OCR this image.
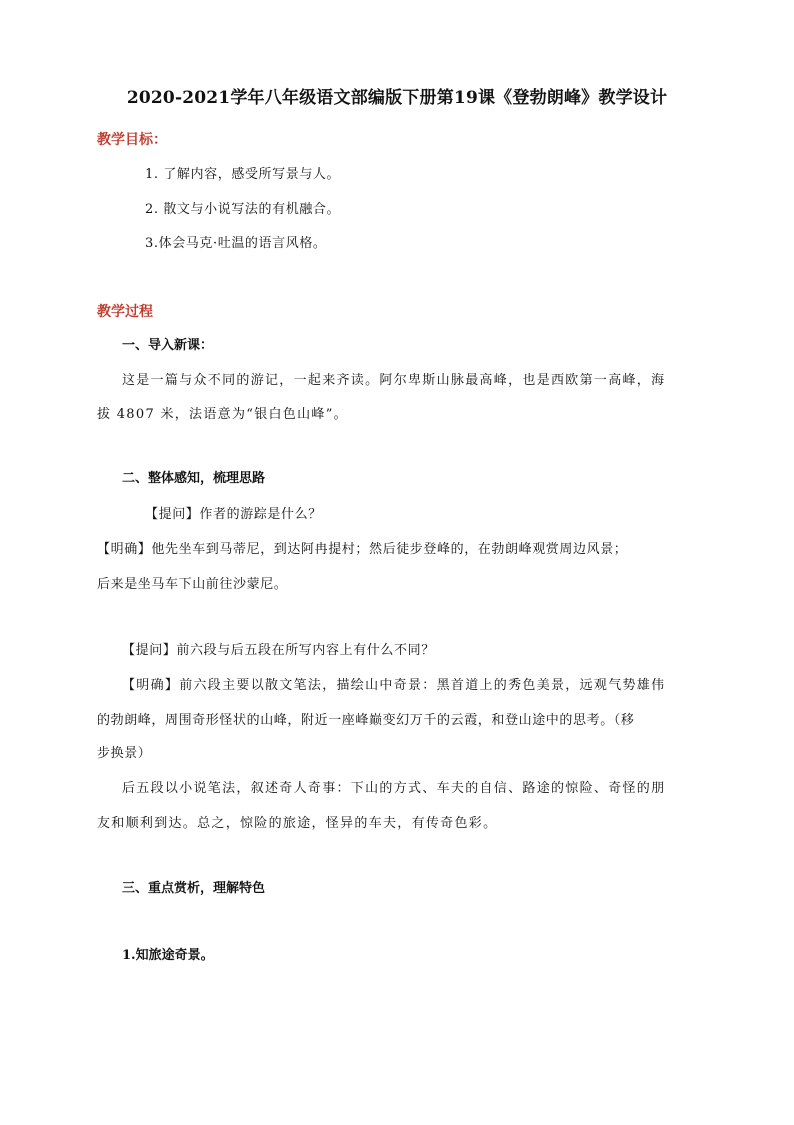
2020-2021学年八年级语文部编版下册第19课《登勃朗峰》教学设计
教学目标：
1. 了解内容，感受所写景与人。
2. 散文与小说写法的有机融合。
3.体会马克·吐温的语言风格。
教学过程
一、导入新课：
这是一篇与众不同的游记，一起来齐读。阿尔卑斯山脉最高峰，也是西欧第一高峰，海
拔 4807 米，法语意为“银白色山峰”。
二、整体感知，梳理思路
【提问】作者的游踪是什么？
【明确】他先坐车到马蒂尼，到达阿冉提村；然后徒步登峰的，在勃朗峰观赏周边风景；
后来是坐马车下山前往沙蒙尼。
【提问】前六段与后五段在所写内容上有什么不同？
【明确】前六段主要以散文笔法，描绘山中奇景：黑首道上的秀色美景，远观气势雄伟
的勃朗峰，周围奇形怪状的山峰，附近一座峰巅变幻万千的云霞，和登山途中的思考。（移
步换景）
后五段以小说笔法，叙述奇人奇事：下山的方式、车夫的自信、路途的惊险、奇怪的朋
友和顺利到达。总之，惊险的旅途，怪异的车夫，有传奇色彩。
三、重点赏析，理解特色
1.知旅途奇景。
